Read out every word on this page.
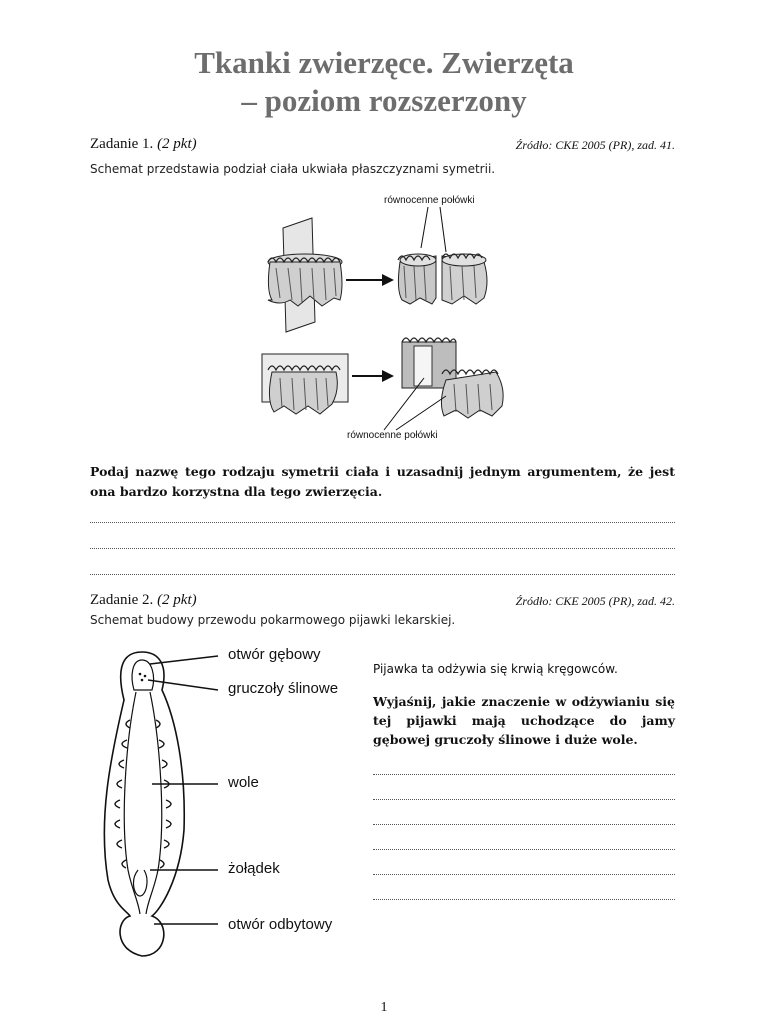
Tkanki zwierzęce. Zwierzęta
– poziom rozszerzony
Zadanie 1. (2 pkt)	Źródło: CKE 2005 (PR), zad. 41.
Schemat przedstawia podział ciała ukwiała płaszczyznami symetrii.
równocenne połówki
równocenne połówki
Podaj nazwę tego rodzaju symetrii ciała i uzasadnij jednym argumentem, że jest ona bardzo korzystna dla tego zwierzęcia.
Zadanie 2. (2 pkt)	Źródło: CKE 2005 (PR), zad. 42.
Schemat budowy przewodu pokarmowego pijawki lekarskiej.
otwór gębowy
gruczoły ślinowe
wole
żołądek
otwór odbytowy
Pijawka ta odżywia się krwią kręgowców.
Wyjaśnij, jakie znaczenie w odżywianiu się tej pijawki mają uchodzące do jamy gębowej gruczoły ślinowe i duże wole.
1
